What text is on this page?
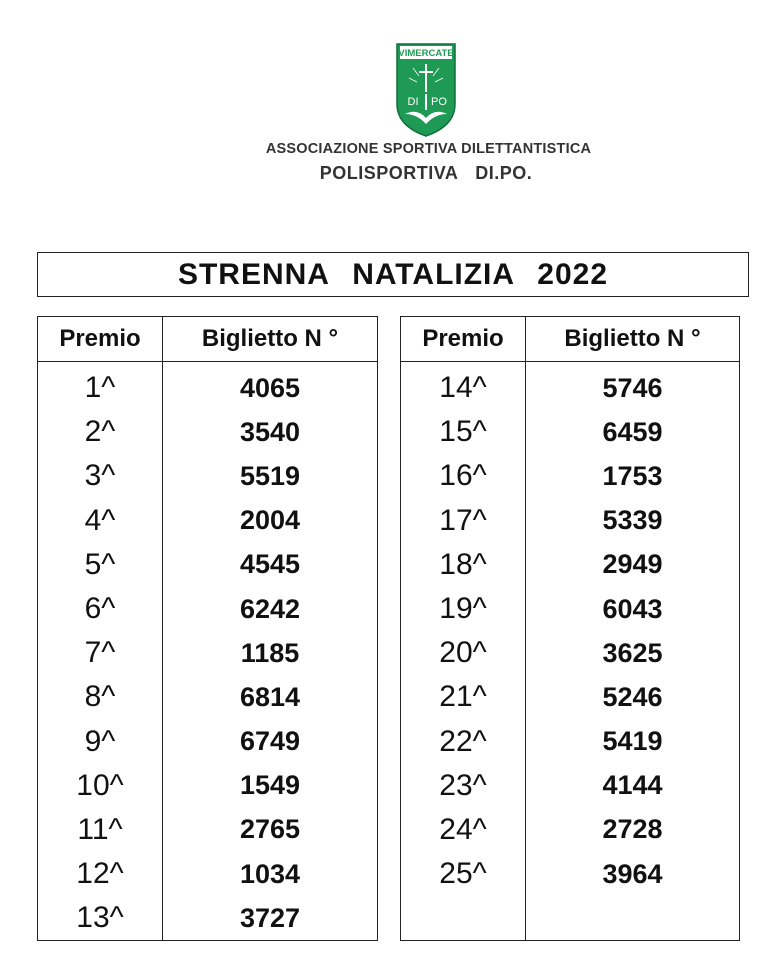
VIMERCATE
DI PO
ASSOCIAZIONE SPORTIVA DILETTANTISTICA
POLISPORTIVA DI.PO.
STRENNA NATALIZIA 2022
Premio	Biglietto N °

1^	4065
2^	3540
3^	5519
4^	2004
5^	4545
6^	6242
7^	1185
8^	6814
9^	6749
10^	1549
11^	2765
12^	1034
13^	3727
Premio	Biglietto N °

14^	5746
15^	6459
16^	1753
17^	5339
18^	2949
19^	6043
20^	3625
21^	5246
22^	5419
23^	4144
24^	2728
25^	3964
